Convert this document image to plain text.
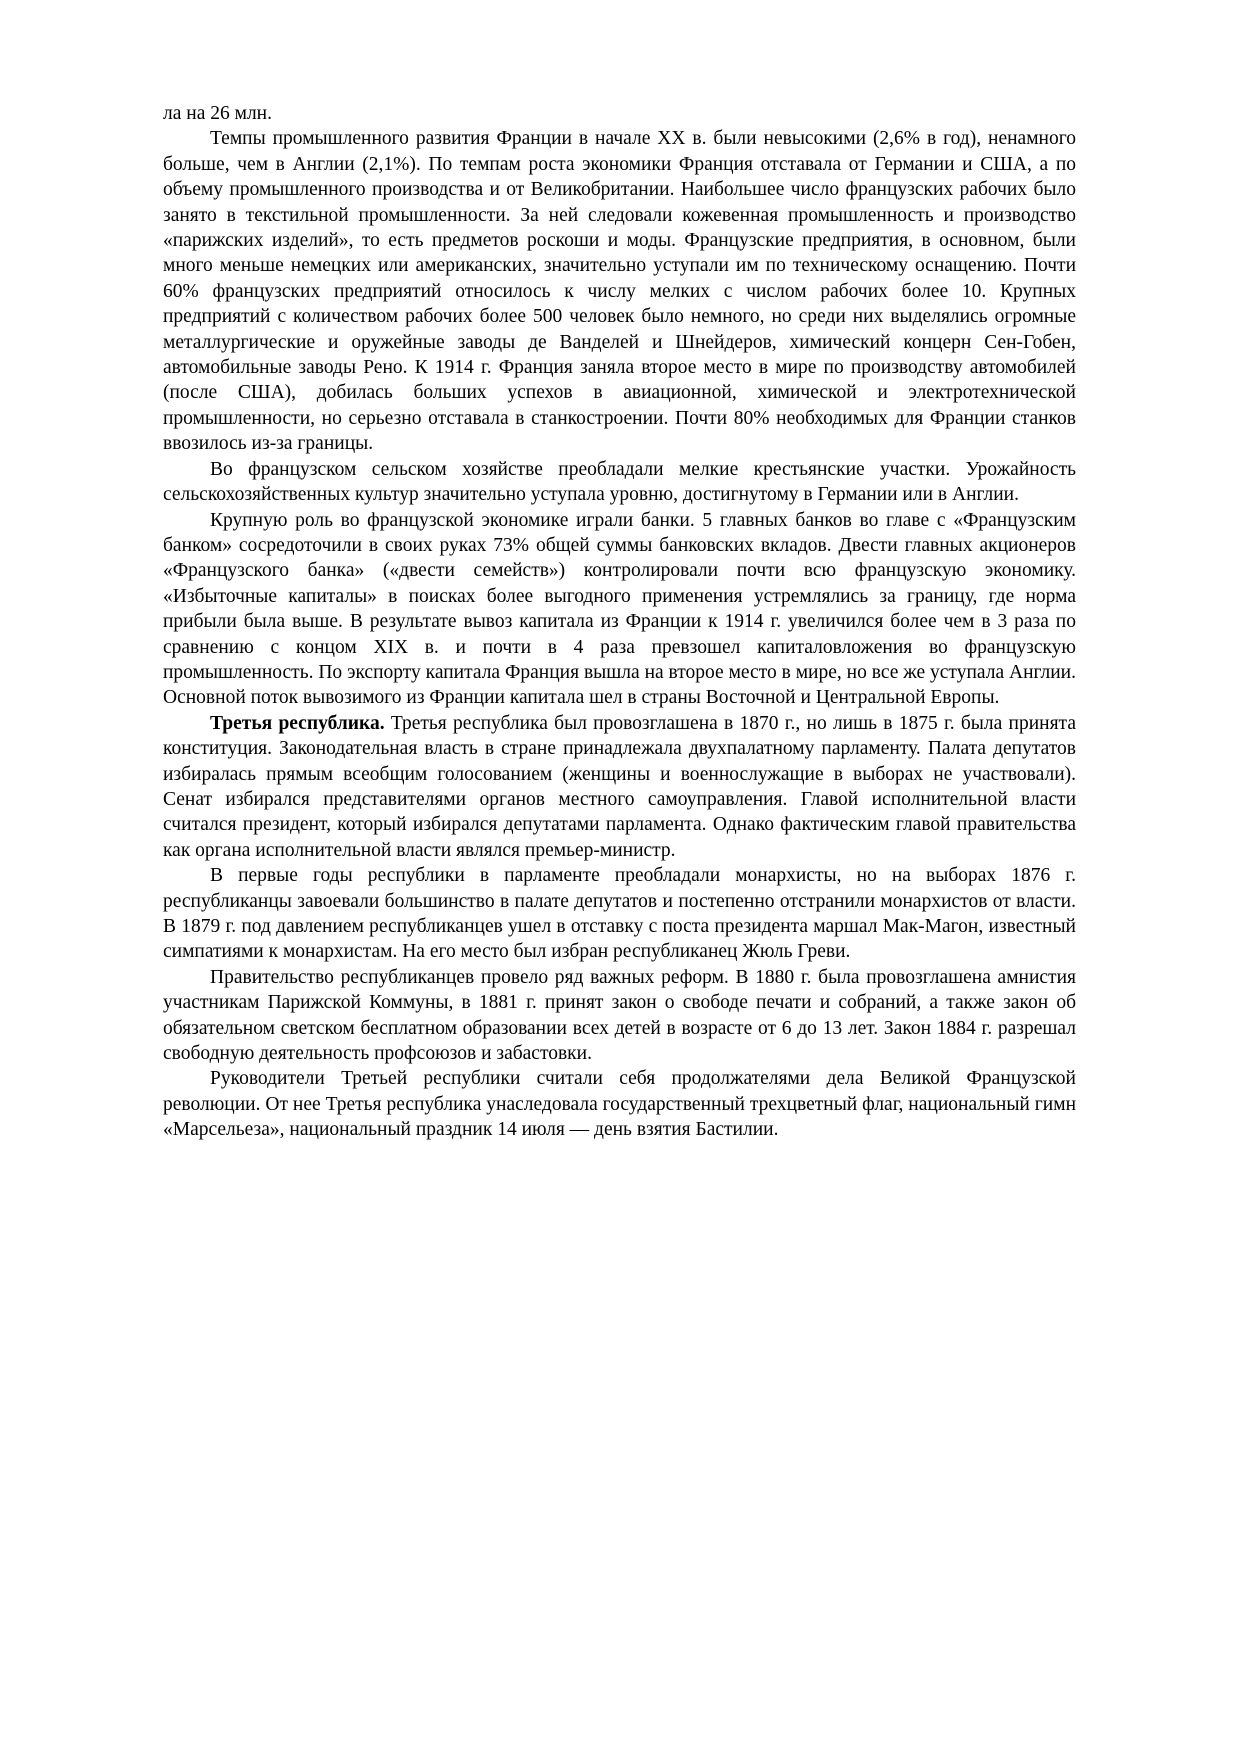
ла на 26 млн.

Темпы промышленного развития Франции в начале XX в. были невысокими (2,6% в год), ненамного больше, чем в Англии (2,1%). По темпам роста экономики Франция отставала от Германии и США, а по объему промышленного производства и от Великобритании. Наибольшее число французских рабочих было занято в текстильной промышленности. За ней следовали кожевенная промышленность и производство «парижских изделий», то есть предметов роскоши и моды. Французские предприятия, в основном, были много меньше немецких или американских, значительно уступали им по техническому оснащению. Почти 60% французских предприятий относилось к числу мелких с числом рабочих более 10. Крупных предприятий с количеством рабочих более 500 человек было немного, но среди них выделялись огромные металлургические и оружейные заводы де Ванделей и Шнейдеров, химический концерн Сен-Гобен, автомобильные заводы Рено. К 1914 г. Франция заняла второе место в мире по производству автомобилей (после США), добилась больших успехов в авиационной, химической и электротехнической промышленности, но серьезно отставала в станкостроении. Почти 80% необходимых для Франции станков ввозилось из-за границы.

Во французском сельском хозяйстве преобладали мелкие крестьянские участки. Урожайность сельскохозяйственных культур значительно уступала уровню, достигнутому в Германии или в Англии.

Крупную роль во французской экономике играли банки. 5 главных банков во главе с «Французским банком» сосредоточили в своих руках 73% общей суммы банковских вкладов. Двести главных акционеров «Французского банка» («двести семейств») контролировали почти всю французскую экономику. «Избыточные капиталы» в поисках более выгодного применения устремлялись за границу, где норма прибыли была выше. В результате вывоз капитала из Франции к 1914 г. увеличился более чем в 3 раза по сравнению с концом XIX в. и почти в 4 раза превзошел капиталовложения во французскую промышленность. По экспорту капитала Франция вышла на второе место в мире, но все же уступала Англии. Основной поток вывозимого из Франции капитала шел в страны Восточной и Центральной Европы.

Третья республика. Третья республика был провозглашена в 1870 г., но лишь в 1875 г. была принята конституция. Законодательная власть в стране принадлежала двухпалатному парламенту. Палата депутатов избиралась прямым всеобщим голосованием (женщины и военнослужащие в выборах не участвовали). Сенат избирался представителями органов местного самоуправления. Главой исполнительной власти считался президент, который избирался депутатами парламента. Однако фактическим главой правительства как органа исполнительной власти являлся премьер-министр.

В первые годы республики в парламенте преобладали монархисты, но на выборах 1876 г. республиканцы завоевали большинство в палате депутатов и постепенно отстранили монархистов от власти. В 1879 г. под давлением республиканцев ушел в отставку с поста президента маршал Мак-Магон, известный симпатиями к монархистам. На его место был избран республиканец Жюль Греви.

Правительство республиканцев провело ряд важных реформ. В 1880 г. была провозглашена амнистия участникам Парижской Коммуны, в 1881 г. принят закон о свободе печати и собраний, а также закон об обязательном светском бесплатном образовании всех детей в возрасте от 6 до 13 лет. Закон 1884 г. разрешал свободную деятельность профсоюзов и забастовки.

Руководители Третьей республики считали себя продолжателями дела Великой Французской революции. От нее Третья республика унаследовала государственный трехцветный флаг, национальный гимн «Марсельеза», национальный праздник 14 июля — день взятия Бастилии.
